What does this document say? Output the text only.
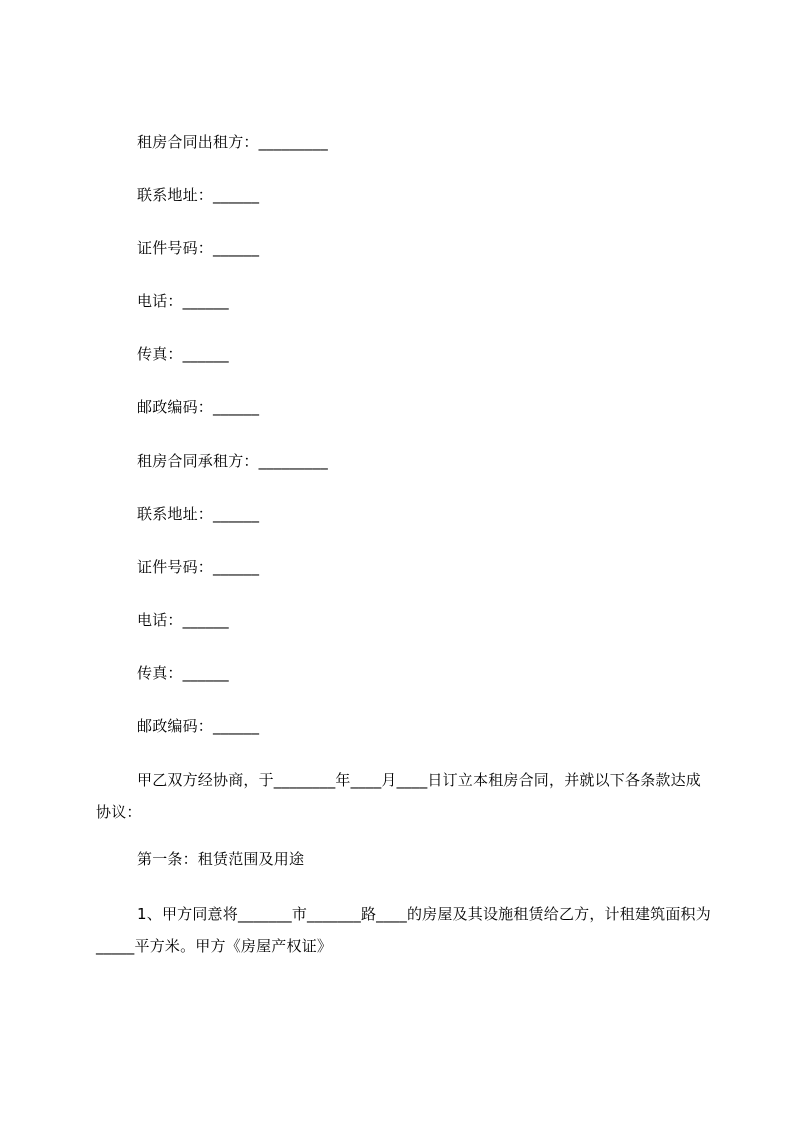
租房合同出租方：_________
联系地址：______
证件号码：______
电话：______
传真：______
邮政编码：______
租房合同承租方：_________
联系地址：______
证件号码：______
电话：______
传真：______
邮政编码：______
甲乙双方经协商，于________年____月____日订立本租房合同，并就以下各条款达成协议：
第一条：租赁范围及用途
1、甲方同意将_______市_______路____的房屋及其设施租赁给乙方，计租建筑面积为_____平方米。甲方《房屋产权证》
